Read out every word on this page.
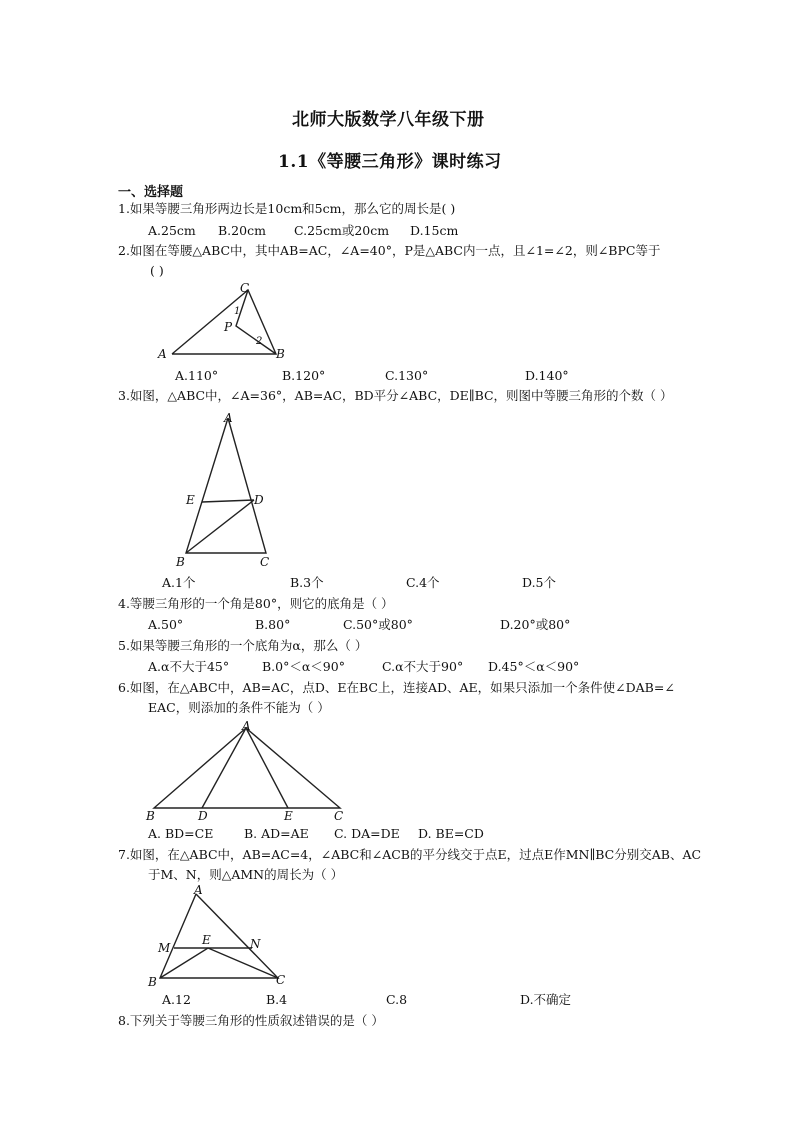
北师大版数学八年级下册
1.1《等腰三角形》课时练习
一、选择题
1.如果等腰三角形两边长是10cm和5cm，那么它的周长是( )
A.25cm B.20cm C.25cm或20cm D.15cm
2.如图在等腰△ABC中，其中AB=AC，∠A=40°，P是△ABC内一点，且∠1=∠2，则∠BPC等于
( )
A
C
B
P
1
2
A.110°	B.120°	C.130°	D.140°
3.如图，△ABC中，∠A=36°，AB=AC，BD平分∠ABC，DE∥BC，则图中等腰三角形的个数（ ）
A
E	D
B	C
A.1个	B.3个	C.4个	D.5个
4.等腰三角形的一个角是80°，则它的底角是（ ）
A.50°	B.80°	C.50°或80°	D.20°或80°
5.如果等腰三角形的一个底角为α，那么（ ）
A.α不大于45°	B.0°＜α＜90°	C.α不大于90° D.45°＜α＜90°
6.如图，在△ABC中，AB=AC，点D、E在BC上，连接AD、AE，如果只添加一个条件使∠DAB=∠
EAC，则添加的条件不能为（ ）
A
B	D	E	C
A. BD=CE B. AD=AE C. DA=DE D. BE=CD
7.如图，在△ABC中，AB=AC=4，∠ABC和∠ACB的平分线交于点E，过点E作MN∥BC分别交AB、AC
于M、N，则△AMN的周长为（ ）
A
M
E	N
B	C
A.12	B.4	C.8	D.不确定
8.下列关于等腰三角形的性质叙述错误的是（ ）
